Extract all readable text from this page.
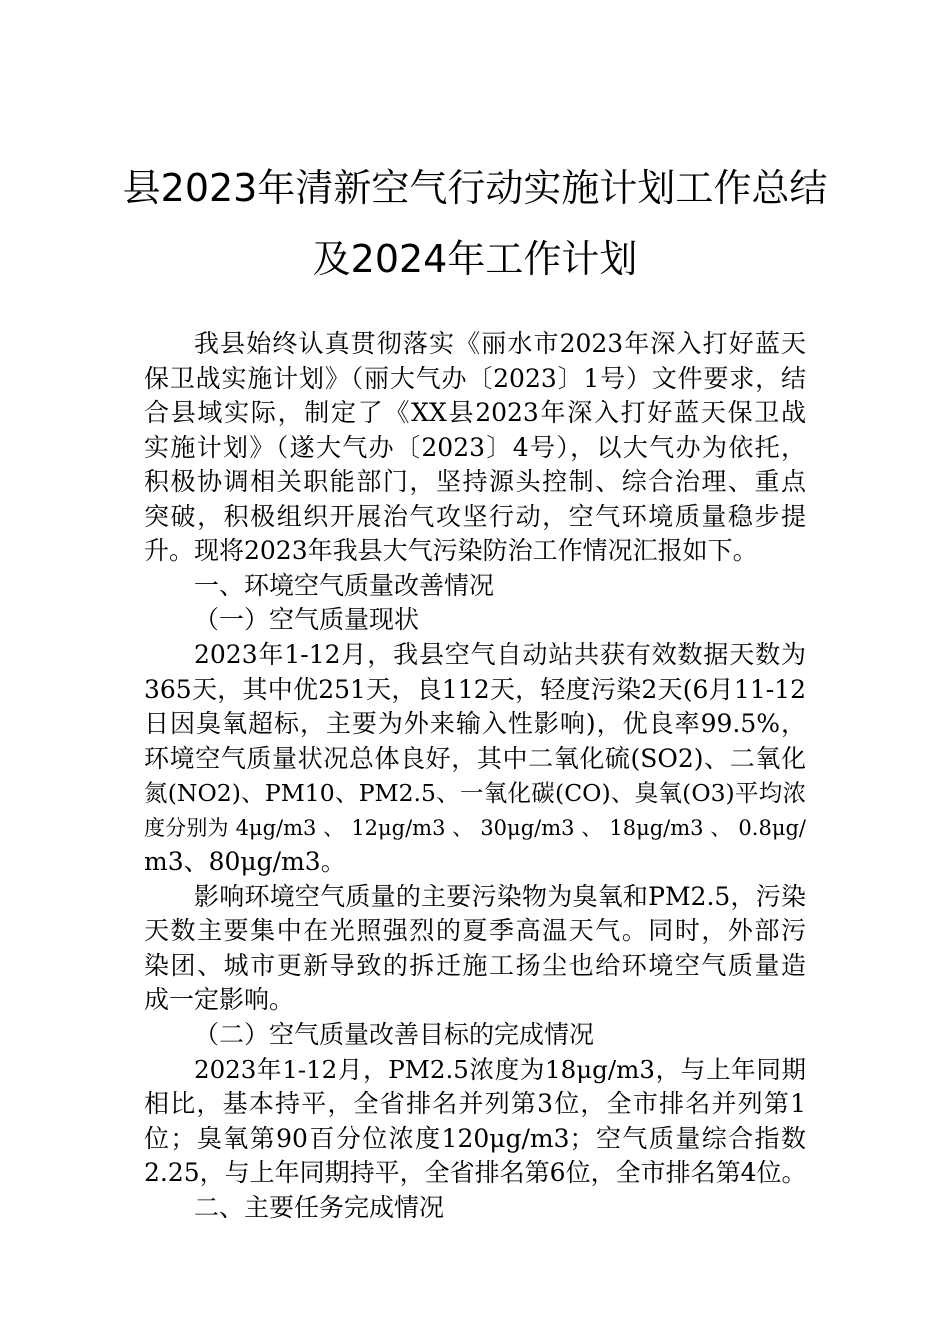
县2023年清新空气行动实施计划工作总结
及2024年工作计划
我县始终认真贯彻落实《丽水市2023年深入打好蓝天
保卫战实施计划》（丽大气办〔2023〕1号）文件要求，结
合县域实际，制定了《XX县2023年深入打好蓝天保卫战
实施计划》（遂大气办〔2023〕4号），以大气办为依托，
积极协调相关职能部门，坚持源头控制、综合治理、重点
突破，积极组织开展治气攻坚行动，空气环境质量稳步提
升。现将2023年我县大气污染防治工作情况汇报如下。
一、环境空气质量改善情况
（一）空气质量现状
2023年1-12月，我县空气自动站共获有效数据天数为
365天，其中优251天，良112天，轻度污染2天(6月11-12
日因臭氧超标，主要为外来输入性影响)，优良率99.5%，
环境空气质量状况总体良好，其中二氧化硫(SO2)、二氧化
氮(NO2)、PM10、PM2.5、一氧化碳(CO)、臭氧(O3)平均浓
度分别为 4μg/m3 、 12μg/m3 、 30μg/m3 、 18μg/m3 、 0.8μg/
m3、80μg/m3。
影响环境空气质量的主要污染物为臭氧和PM2.5，污染
天数主要集中在光照强烈的夏季高温天气。同时，外部污
染团、城市更新导致的拆迁施工扬尘也给环境空气质量造
成一定影响。
（二）空气质量改善目标的完成情况
2023年1-12月，PM2.5浓度为18μg/m3，与上年同期
相比，基本持平，全省排名并列第3位，全市排名并列第1
位；臭氧第90百分位浓度120μg/m3；空气质量综合指数
2.25，与上年同期持平，全省排名第6位，全市排名第4位。
二、主要任务完成情况
